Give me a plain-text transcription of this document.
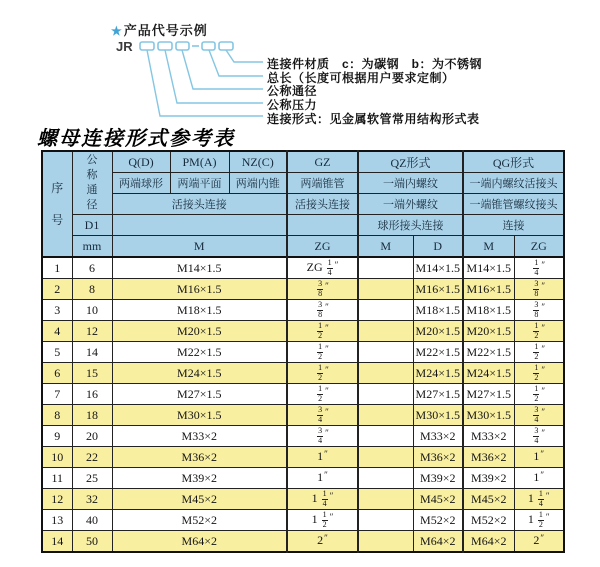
★产品代号示例
JR
连接件材质　c：为碳钢　b：为不锈钢
总长（长度可根据用户要求定制）
公称通径
公称压力
连接形式：见金属软管常用结构形式表
螺母连接形式参考表
序号	公称通径	Q(D)	PM(A)	NZ(C)	GZ	QZ形式		QG形式	
		两端球形	两端平面	两端内锥	两端锥管	一端内螺纹		一端内螺纹活接头	
		活接头连接			活接头连接	一端外螺纹		一端锥管螺纹接头	
	D1					球形接头连接		连接	
	mm	M			ZG	M	D	M	ZG
1	6	M14×1.5			ZG $\frac{1}{4} ''$		M14×1.5	M14×1.5	$\frac{1}{4} ''$
2	8	M16×1.5			$\frac{3}{8} ''$		M16×1.5	M16×1.5	$\frac{3}{8} ''$
3	10	M18×1.5			$\frac{3}{8} ''$		M18×1.5	M18×1.5	$\frac{3}{8} ''$
4	12	M20×1.5			$\frac{1}{2} ''$		M20×1.5	M20×1.5	$\frac{1}{2} ''$
5	14	M22×1.5			$\frac{1}{2} ''$		M22×1.5	M22×1.5	$\frac{1}{2} ''$
6	15	M24×1.5			$\frac{1}{2} ''$		M24×1.5	M24×1.5	$\frac{1}{2} ''$
7	16	M27×1.5			$\frac{1}{2} ''$		M27×1.5	M27×1.5	$\frac{1}{2} ''$
8	18	M30×1.5			$\frac{3}{4} ''$		M30×1.5	M30×1.5	$\frac{3}{4} ''$
9	20	M33×2			$\frac{3}{4} ''$		M33×2	M33×2	$\frac{3}{4} ''$
10	22	M36×2			1″		M36×2	M36×2	1″
11	25	M39×2			1″		M39×2	M39×2	1″
12	32	M45×2			$1 \frac{1}{4} ''$		M45×2	M45×2	$1 \frac{1}{4} ''$
13	40	M52×2			$1 \frac{1}{2} ''$		M52×2	M52×2	$1 \frac{1}{2} ''$
14	50	M64×2			2″		M64×2	M64×2	2″
